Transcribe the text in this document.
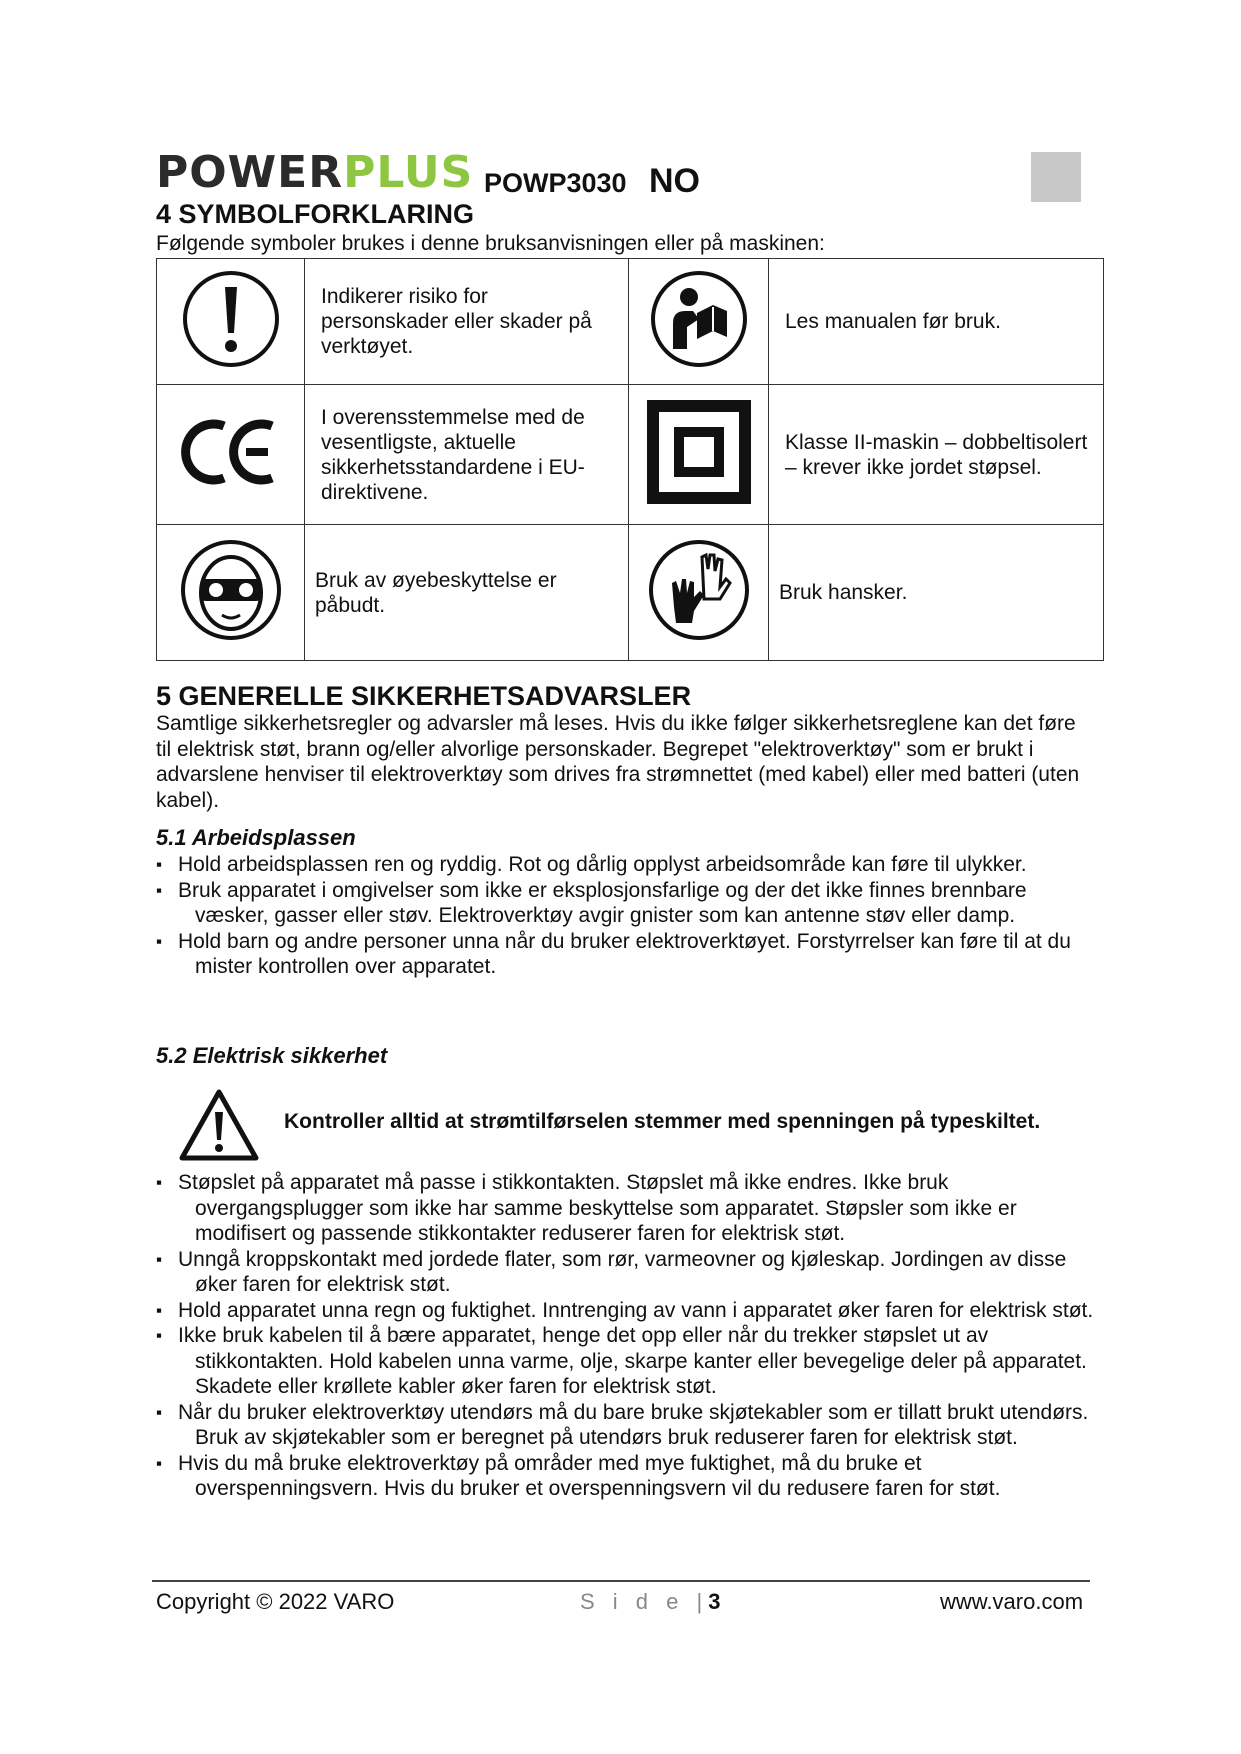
POWERPLUS POWP3030 NO
4 SYMBOLFORKLARING
Følgende symboler brukes i denne bruksanvisningen eller på maskinen:
	Indikerer risiko for personskader eller skader på verktøyet.		Les manualen før bruk.
	I overensstemmelse med de vesentligste, aktuelle sikkerhetsstandardene i EU-direktivene.		Klasse II-maskin – dobbeltisolert – krever ikke jordet støpsel.
	Bruk av øyebeskyttelse er påbudt.		Bruk hansker.
5 GENERELLE SIKKERHETSADVARSLER
Samtlige sikkerhetsregler og advarsler må leses. Hvis du ikke følger sikkerhetsreglene kan det føre til elektrisk støt, brann og/eller alvorlige personskader. Begrepet "elektroverktøy" som er brukt i advarslene henviser til elektroverktøy som drives fra strømnettet (med kabel) eller med batteri (uten kabel).
5.1 Arbeidsplassen
▪ Hold arbeidsplassen ren og ryddig. Rot og dårlig opplyst arbeidsområde kan føre til ulykker.
▪ Bruk apparatet i omgivelser som ikke er eksplosjonsfarlige og der det ikke finnes brennbare væsker, gasser eller støv. Elektroverktøy avgir gnister som kan antenne støv eller damp.
▪ Hold barn og andre personer unna når du bruker elektroverktøyet. Forstyrrelser kan føre til at du mister kontrollen over apparatet.
5.2 Elektrisk sikkerhet
Kontroller alltid at strømtilførselen stemmer med spenningen på typeskiltet.
▪ Støpslet på apparatet må passe i stikkontakten. Støpslet må ikke endres. Ikke bruk overgangsplugger som ikke har samme beskyttelse som apparatet. Støpsler som ikke er modifisert og passende stikkontakter reduserer faren for elektrisk støt.
▪ Unngå kroppskontakt med jordede flater, som rør, varmeovner og kjøleskap. Jordingen av disse øker faren for elektrisk støt.
▪ Hold apparatet unna regn og fuktighet. Inntrenging av vann i apparatet øker faren for elektrisk støt.
▪ Ikke bruk kabelen til å bære apparatet, henge det opp eller når du trekker støpslet ut av stikkontakten. Hold kabelen unna varme, olje, skarpe kanter eller bevegelige deler på apparatet. Skadete eller krøllete kabler øker faren for elektrisk støt.
▪ Når du bruker elektroverktøy utendørs må du bare bruke skjøtekabler som er tillatt brukt utendørs. Bruk av skjøtekabler som er beregnet på utendørs bruk reduserer faren for elektrisk støt.
▪ Hvis du må bruke elektroverktøy på områder med mye fuktighet, må du bruke et overspenningsvern. Hvis du bruker et overspenningsvern vil du redusere faren for støt.
Copyright © 2022 VARO	S i d e |3	www.varo.com
